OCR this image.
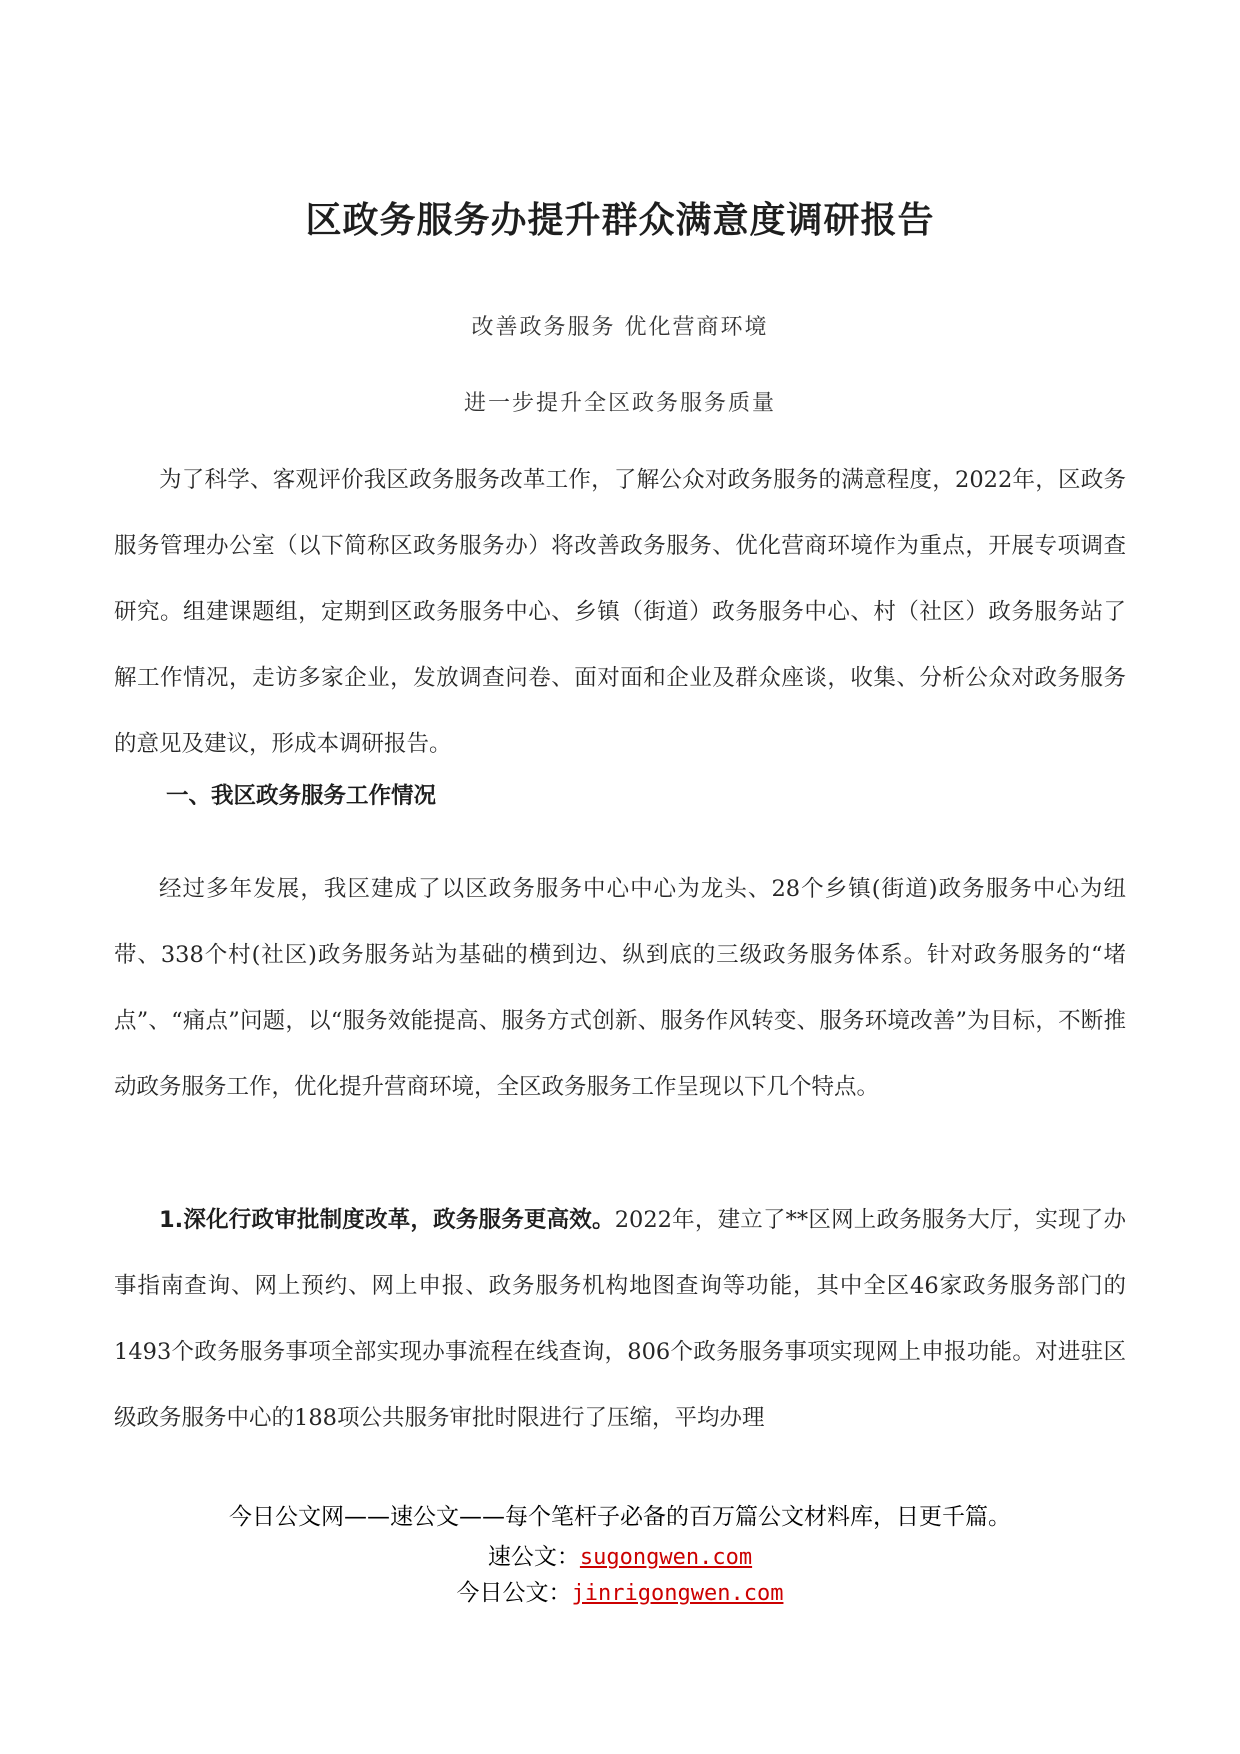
区政务服务办提升群众满意度调研报告
改善政务服务 优化营商环境
进一步提升全区政务服务质量

为了科学、客观评价我区政务服务改革工作，了解公众对政务服务的满意程度，2022年，区政务服务管理办公室（以下简称区政务服务办）将改善政务服务、优化营商环境作为重点，开展专项调查研究。组建课题组，定期到区政务服务中心、乡镇（街道）政务服务中心、村（社区）政务服务站了解工作情况，走访多家企业，发放调查问卷、面对面和企业及群众座谈，收集、分析公众对政务服务的意见及建议，形成本调研报告。

一、我区政务服务工作情况

经过多年发展，我区建成了以区政务服务中心中心为龙头、28个乡镇(街道)政务服务中心为纽带、338个村(社区)政务服务站为基础的横到边、纵到底的三级政务服务体系。针对政务服务的“堵点”、“痛点”问题，以“服务效能提高、服务方式创新、服务作风转变、服务环境改善”为目标，不断推动政务服务工作，优化提升营商环境，全区政务服务工作呈现以下几个特点。

1.深化行政审批制度改革，政务服务更高效。2022年，建立了**区网上政务服务大厅，实现了办事指南查询、网上预约、网上申报、政务服务机构地图查询等功能，其中全区46家政务服务部门的1493个政务服务事项全部实现办事流程在线查询，806个政务服务事项实现网上申报功能。对进驻区级政务服务中心的188项公共服务审批时限进行了压缩，平均办理

今日公文网——速公文——每个笔杆子必备的百万篇公文材料库，日更千篇。
速公文：sugongwen.com
今日公文：jinrigongwen.com
